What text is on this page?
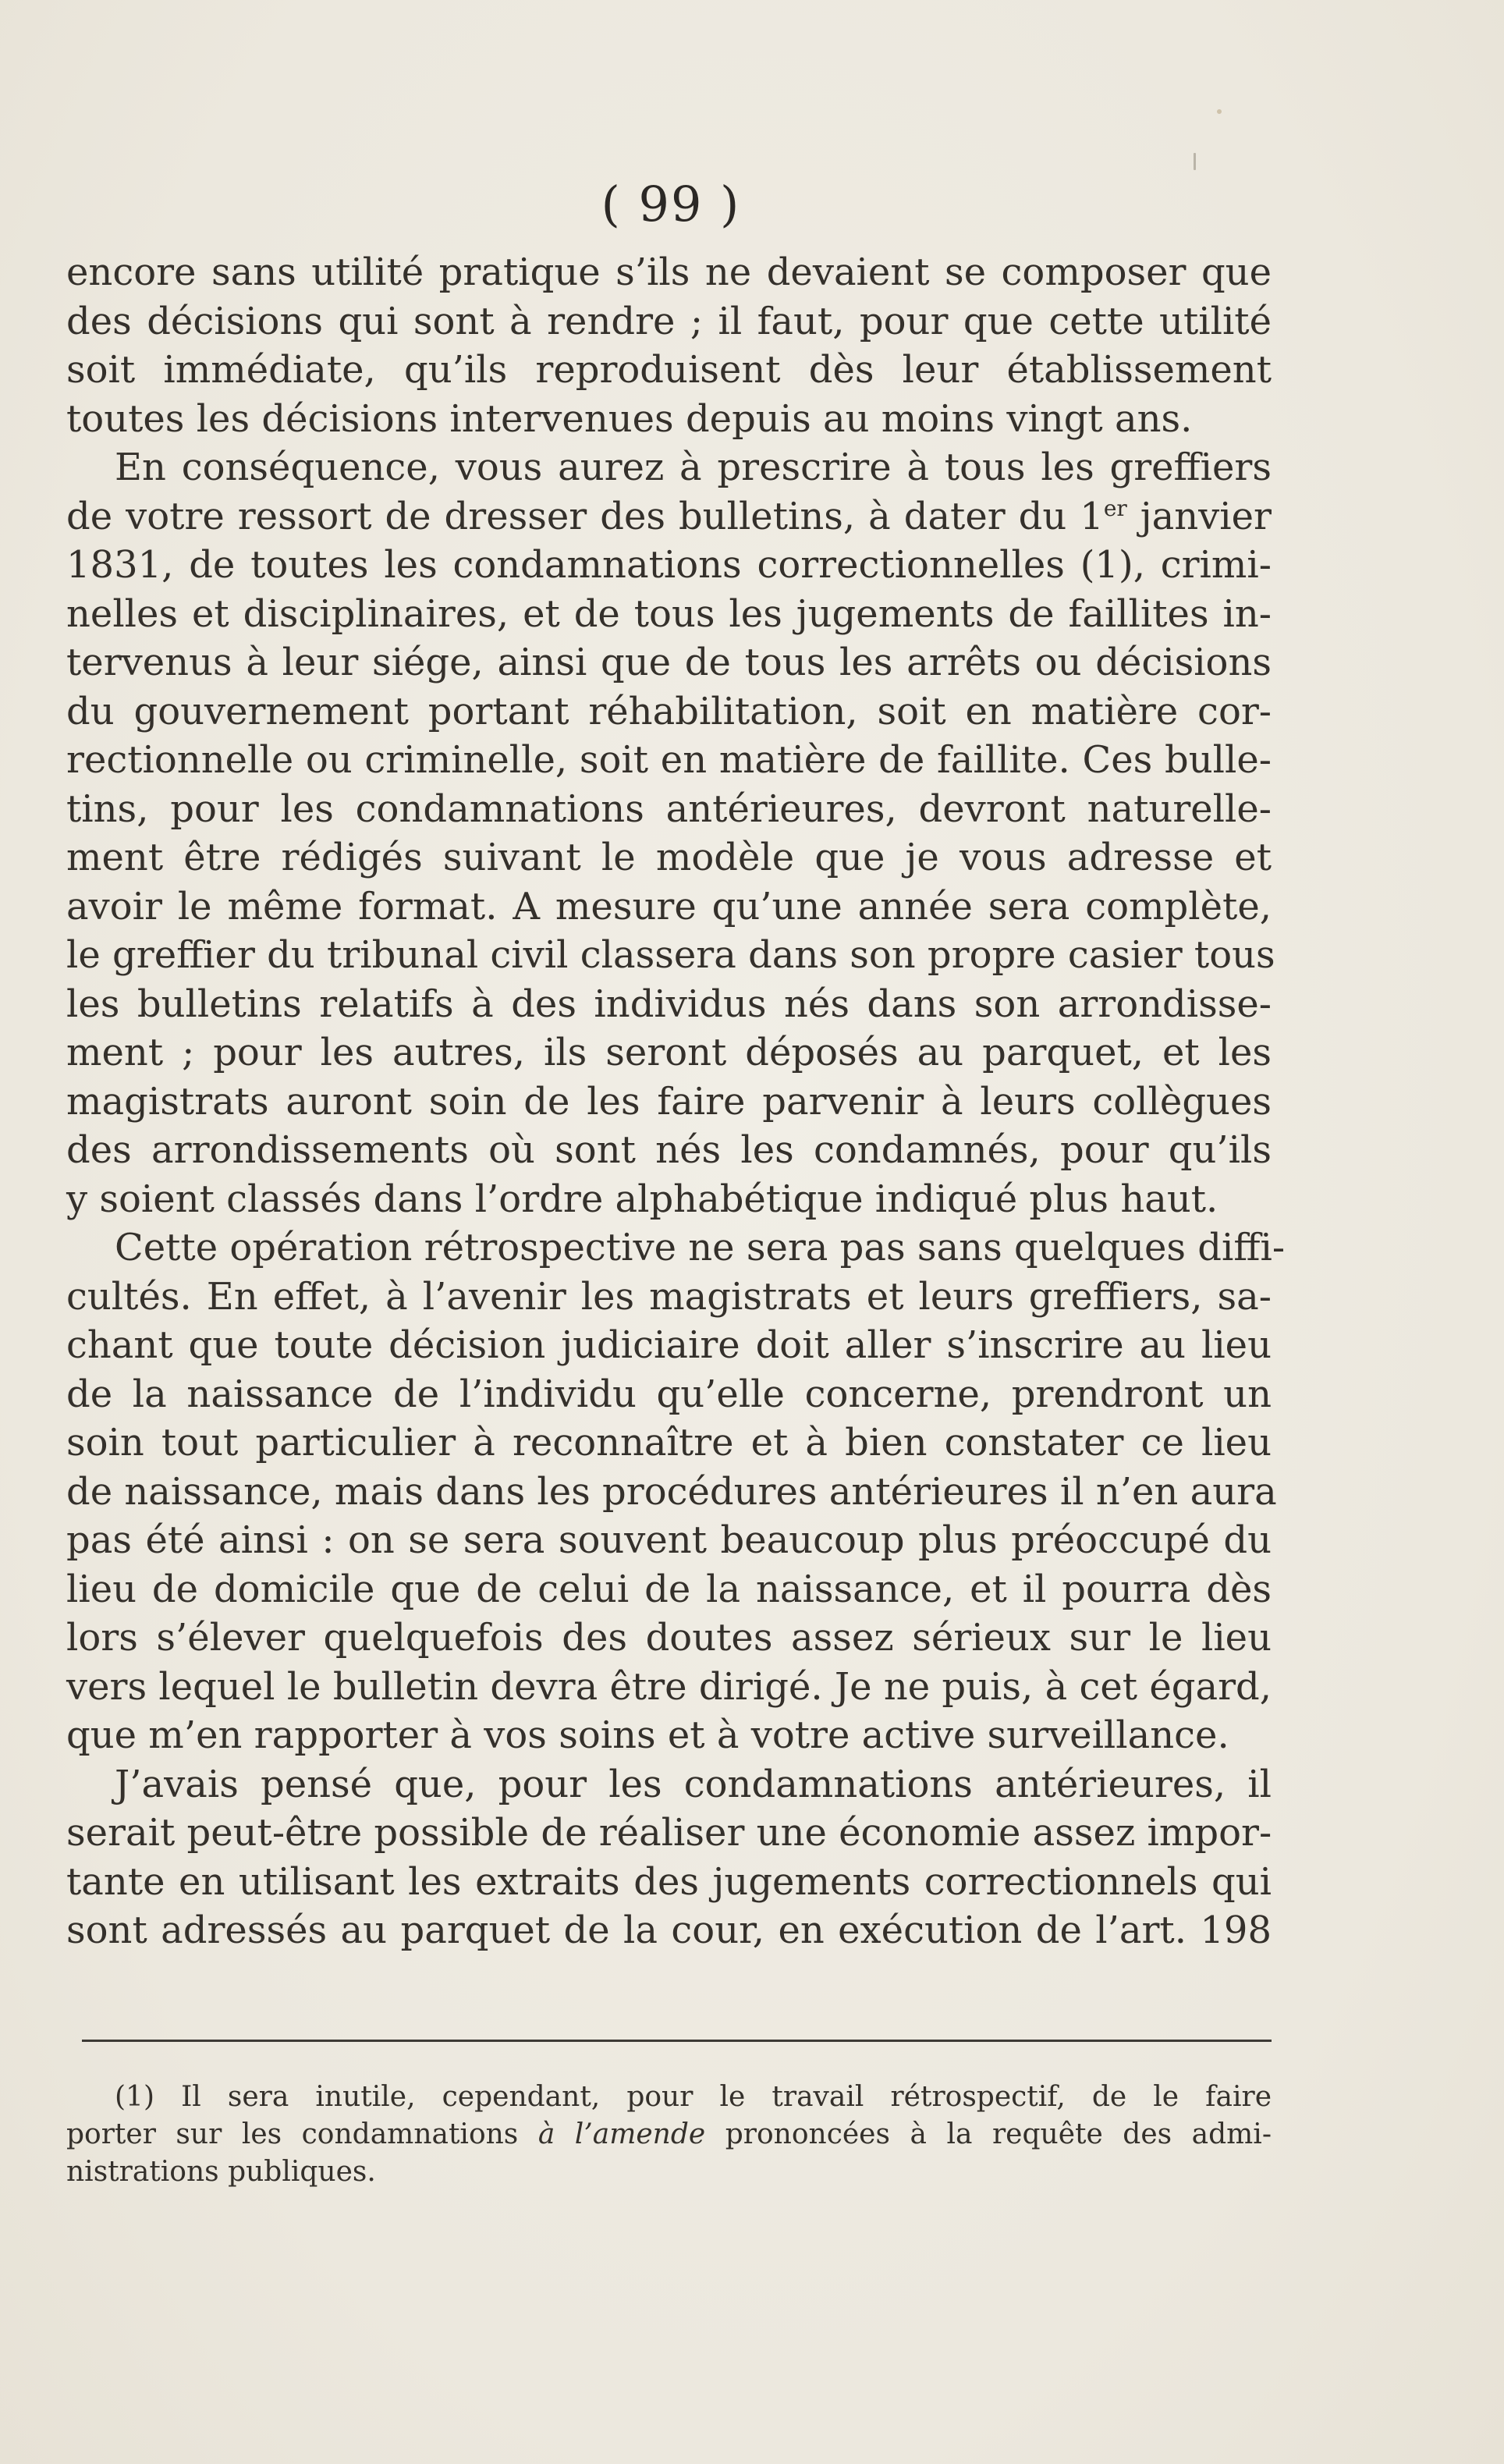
( 99 )
encore sans utilité pratique s’ils ne devaient se composer que
des décisions qui sont à rendre ; il faut, pour que cette utilité
soit immédiate, qu’ils reproduisent dès leur établissement
toutes les décisions intervenues depuis au moins vingt ans.
En conséquence, vous aurez à prescrire à tous les greffiers
de votre ressort de dresser des bulletins, à dater du 1er janvier
1831, de toutes les condamnations correctionnelles (1), crimi-
nelles et disciplinaires, et de tous les jugements de faillites in-
tervenus à leur siége, ainsi que de tous les arrêts ou décisions
du gouvernement portant réhabilitation, soit en matière cor-
rectionnelle ou criminelle, soit en matière de faillite. Ces bulle-
tins, pour les condamnations antérieures, devront naturelle-
ment être rédigés suivant le modèle que je vous adresse et
avoir le même format. A mesure qu’une année sera complète,
le greffier du tribunal civil classera dans son propre casier tous
les bulletins relatifs à des individus nés dans son arrondisse-
ment ; pour les autres, ils seront déposés au parquet, et les
magistrats auront soin de les faire parvenir à leurs collègues
des arrondissements où sont nés les condamnés, pour qu’ils
y soient classés dans l’ordre alphabétique indiqué plus haut.
Cette opération rétrospective ne sera pas sans quelques diffi-
cultés. En effet, à l’avenir les magistrats et leurs greffiers, sa-
chant que toute décision judiciaire doit aller s’inscrire au lieu
de la naissance de l’individu qu’elle concerne, prendront un
soin tout particulier à reconnaître et à bien constater ce lieu
de naissance, mais dans les procédures antérieures il n’en aura
pas été ainsi : on se sera souvent beaucoup plus préoccupé du
lieu de domicile que de celui de la naissance, et il pourra dès
lors s’élever quelquefois des doutes assez sérieux sur le lieu
vers lequel le bulletin devra être dirigé. Je ne puis, à cet égard,
que m’en rapporter à vos soins et à votre active surveillance.
J’avais pensé que, pour les condamnations antérieures, il
serait peut-être possible de réaliser une économie assez impor-
tante en utilisant les extraits des jugements correctionnels qui
sont adressés au parquet de la cour, en exécution de l’art. 198
(1) Il sera inutile, cependant, pour le travail rétrospectif, de le faire
porter sur les condamnations à l’amende prononcées à la requête des admi-
nistrations publiques.
